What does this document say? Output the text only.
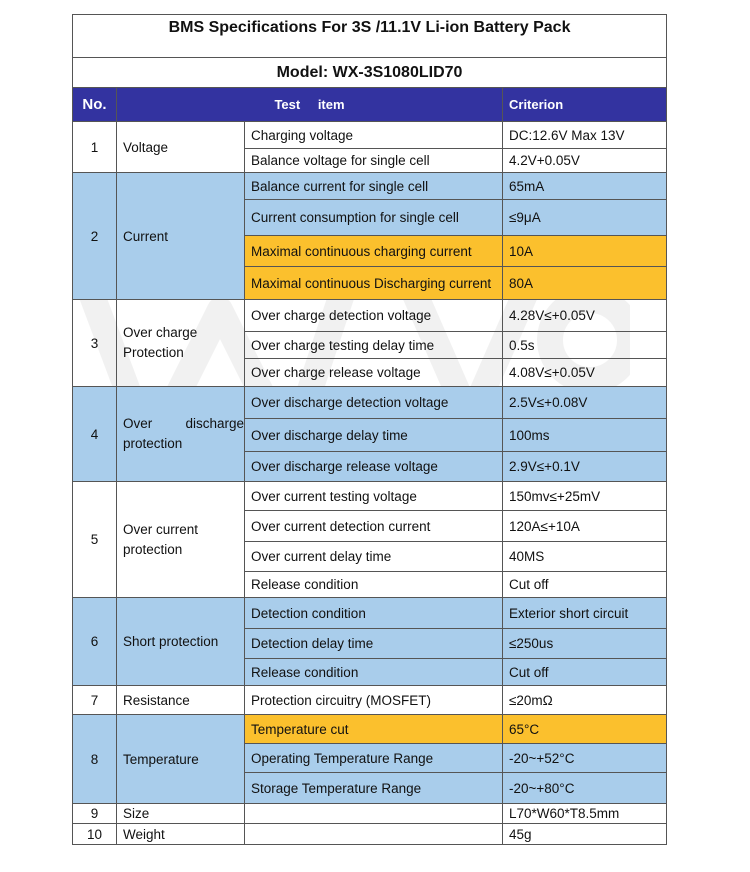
BMS Specifications For 3S /11.1V Li-ion Battery Pack			
Model: WX-3S1080LID70			
No.	Test item		Criterion
1	Voltage	Charging voltage	DC:12.6V Max 13V
		Balance voltage for single cell	4.2V+0.05V
2	Current	Balance current for single cell	65mA
		Current consumption for single cell	≤9μA
		Maximal continuous charging current	10A
		Maximal continuous Discharging current	80A
3	Over charge Protection	Over charge detection voltage	4.28V≤+0.05V
		Over charge testing delay time	0.5s
		Over charge release voltage	4.08V≤+0.05V
4	Over discharge protection	Over discharge detection voltage	2.5V≤+0.08V
		Over discharge delay time	100ms
		Over discharge release voltage	2.9V≤+0.1V
5	Over current protection	Over current testing voltage	150mv≤+25mV
		Over current detection current	120A≤+10A
		Over current delay time	40MS
		Release condition	Cut off
6	Short protection	Detection condition	Exterior short circuit
		Detection delay time	≤250us
		Release condition	Cut off
7	Resistance	Protection circuitry (MOSFET)	≤20mΩ
8	Temperature	Temperature cut	65°C
		Operating Temperature Range	-20~+52°C
		Storage Temperature Range	-20~+80°C
9	Size		L70*W60*T8.5mm
10	Weight		45g
